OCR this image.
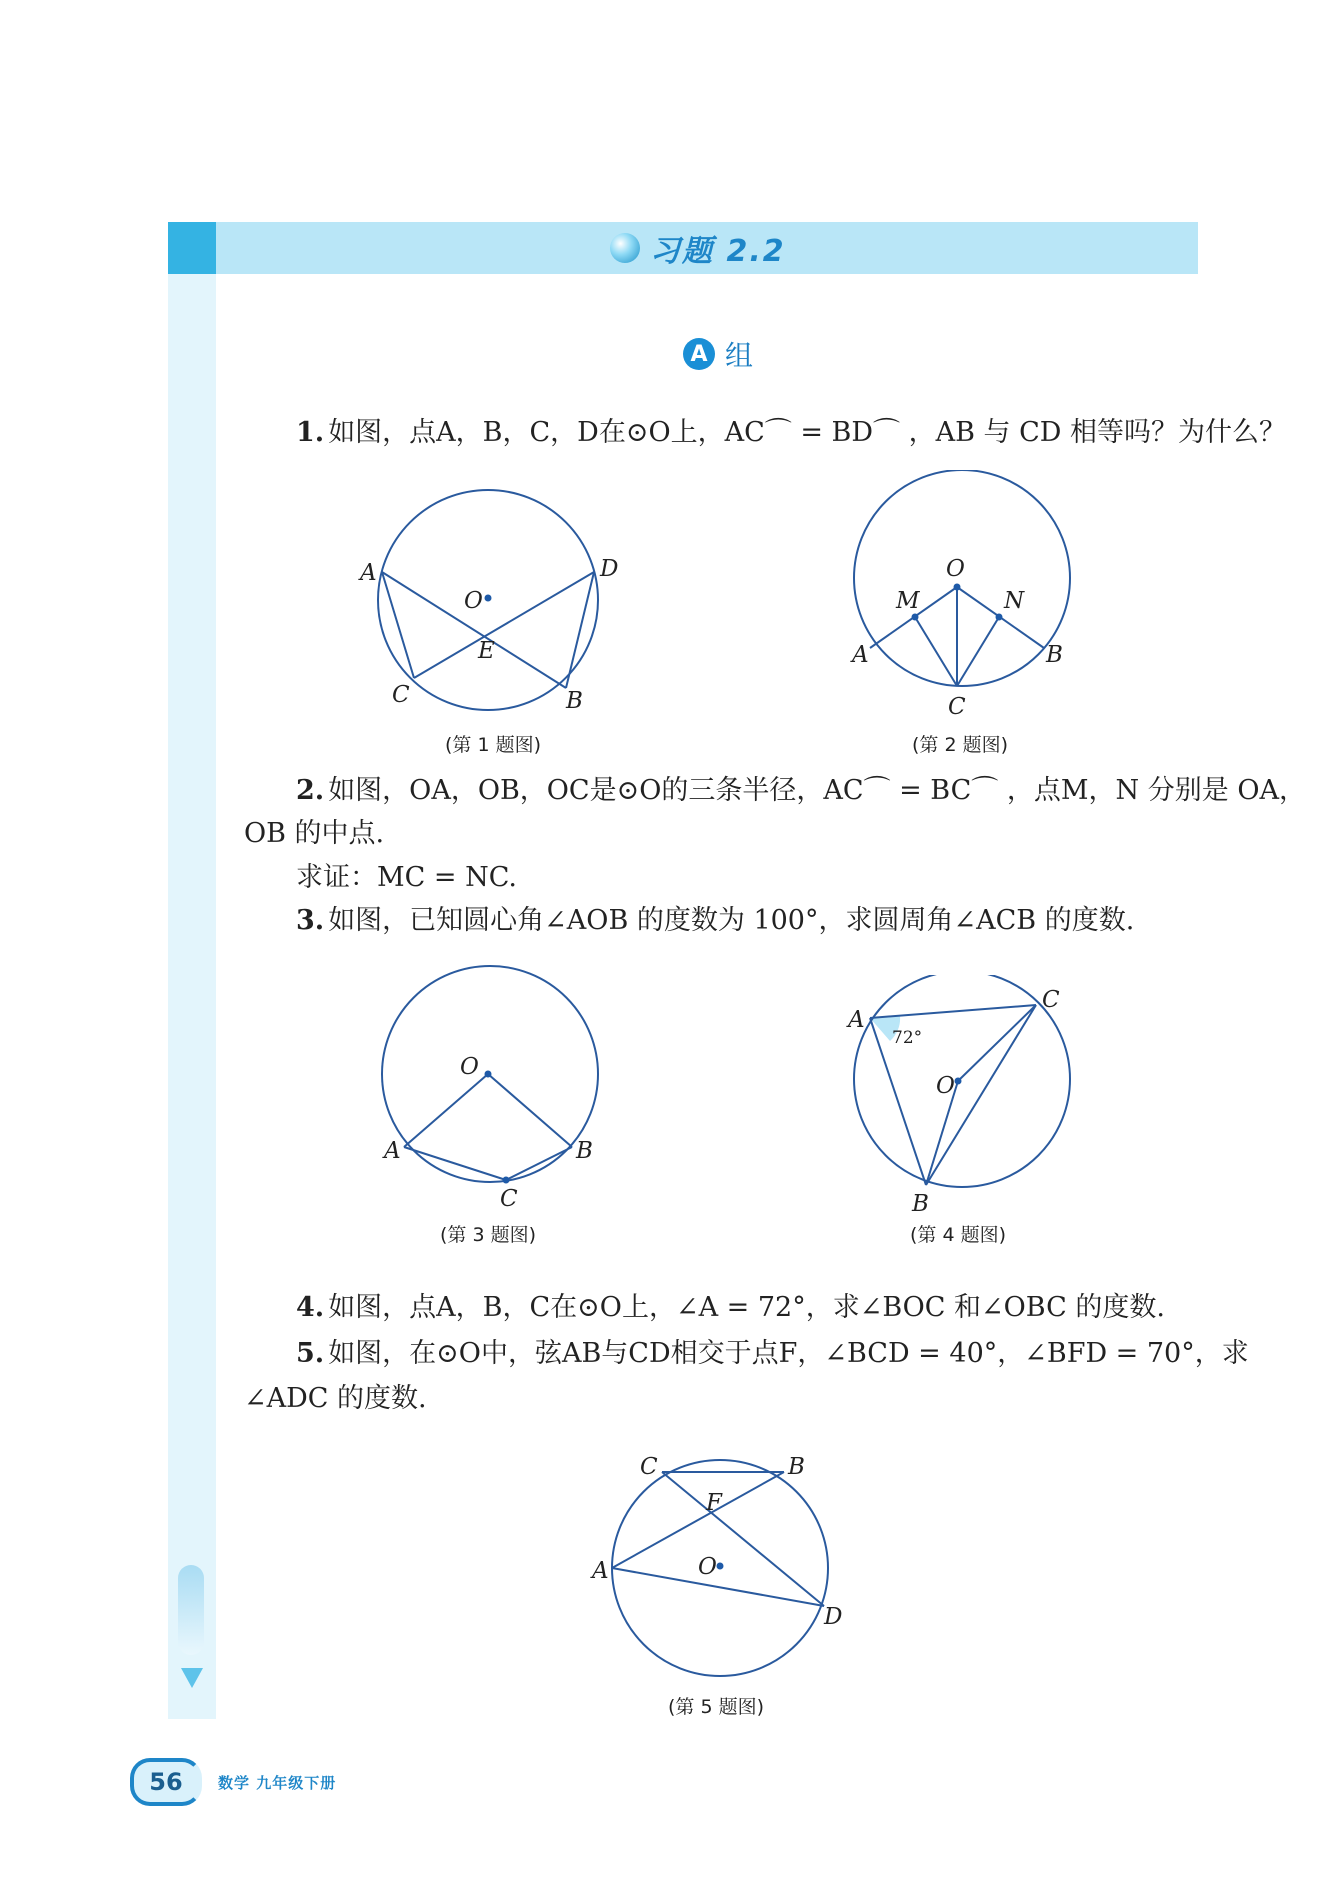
习题 2.2
A 组
1. 如图，点A，B，C，D在⊙O上，AC⌒ = BD⌒ ，AB 与 CD 相等吗？为什么？
A	D
O
E
C	B
(第 1 题图)
O
M	N
A	B
C
(第 2 题图)
2. 如图，OA，OB，OC是⊙O的三条半径，AC⌒ = BC⌒ ，点M，N 分别是 OA，
OB 的中点.
求证：MC = NC.
3. 如图，已知圆心角∠AOB 的度数为 100°，求圆周角∠ACB 的度数.
O
A	B
C
(第 3 题图)
A
C
O
B
72°
(第 4 题图)
4. 如图，点A，B，C在⊙O上，∠A = 72°，求∠BOC 和∠OBC 的度数.
5. 如图，在⊙O中，弦AB与CD相交于点F，∠BCD = 40°，∠BFD = 70°，求
∠ADC 的度数.
C	B
F
O
A
D
(第 5 题图)
56	数学 九年级下册
